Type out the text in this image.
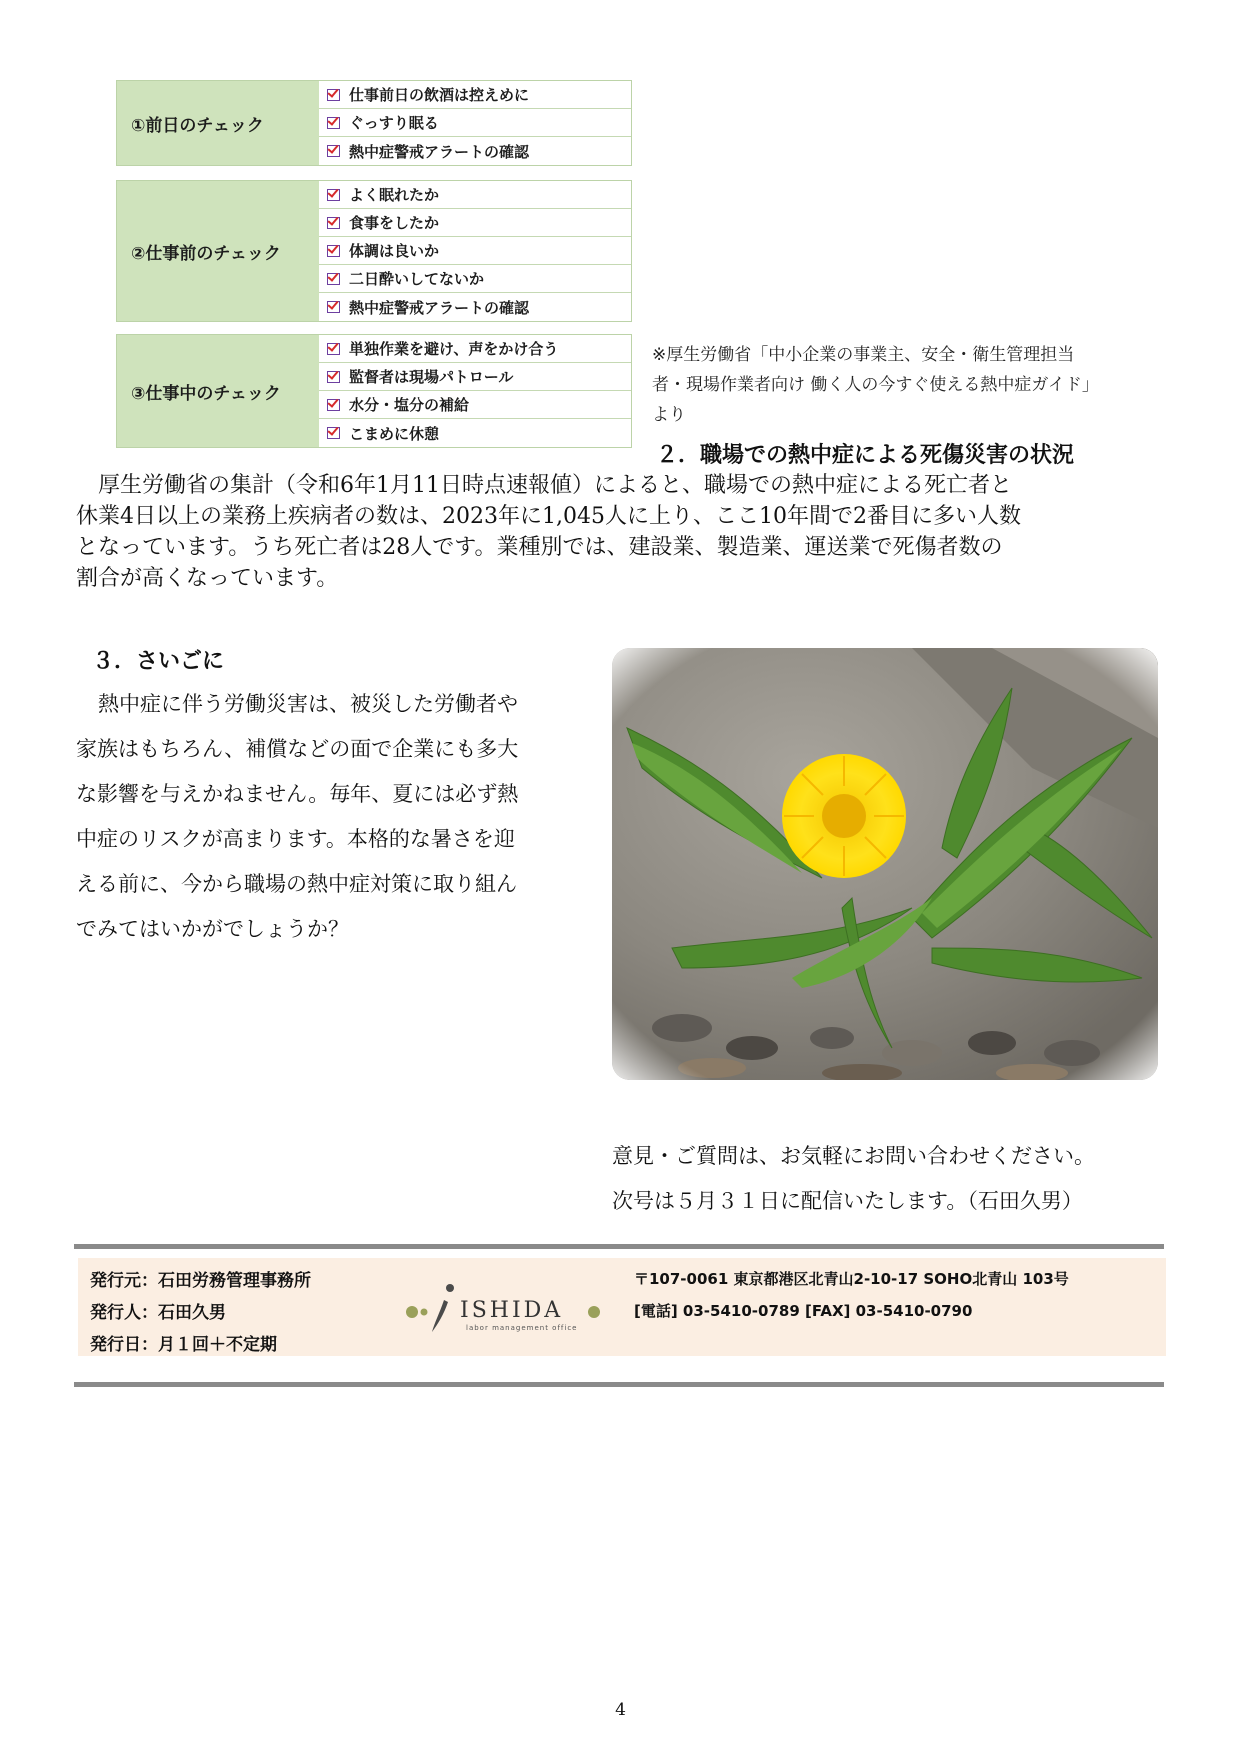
①前日のチェック
仕事前日の飲酒は控えめに
ぐっすり眠る
熱中症警戒アラートの確認
②仕事前のチェック
よく眠れたか
食事をしたか
体調は良いか
二日酔いしてないか
熱中症警戒アラートの確認
③仕事中のチェック
単独作業を避け、声をかけ合う
監督者は現場パトロール
水分・塩分の補給
こまめに休憩
※厚生労働省「中小企業の事業主、安全・衛生管理担当
者・現場作業者向け 働く人の今すぐ使える熱中症ガイド」
より
２．職場での熱中症による死傷災害の状況
厚生労働省の集計（令和6年1月11日時点速報値）によると、職場での熱中症による死亡者と
休業4日以上の業務上疾病者の数は、2023年に1,045人に上り、ここ10年間で2番目に多い人数
となっています。うち死亡者は28人です。業種別では、建設業、製造業、運送業で死傷者数の
割合が高くなっています。
３．さいごに
熱中症に伴う労働災害は、被災した労働者や
家族はもちろん、補償などの面で企業にも多大
な影響を与えかねません。毎年、夏には必ず熱
中症のリスクが高まります。本格的な暑さを迎
える前に、今から職場の熱中症対策に取り組ん
でみてはいかがでしょうか？
意見・ご質問は、お気軽にお問い合わせください。
次号は５月３１日に配信いたします。（石田久男）
発行元：石田労務管理事務所
発行人：石田久男
発行日：月１回＋不定期
ISHIDA
labor management office
〒107-0061 東京都港区北青山2-10-17 SOHO北青山 103号
[電話] 03-5410-0789 [FAX] 03-5410-0790
4
